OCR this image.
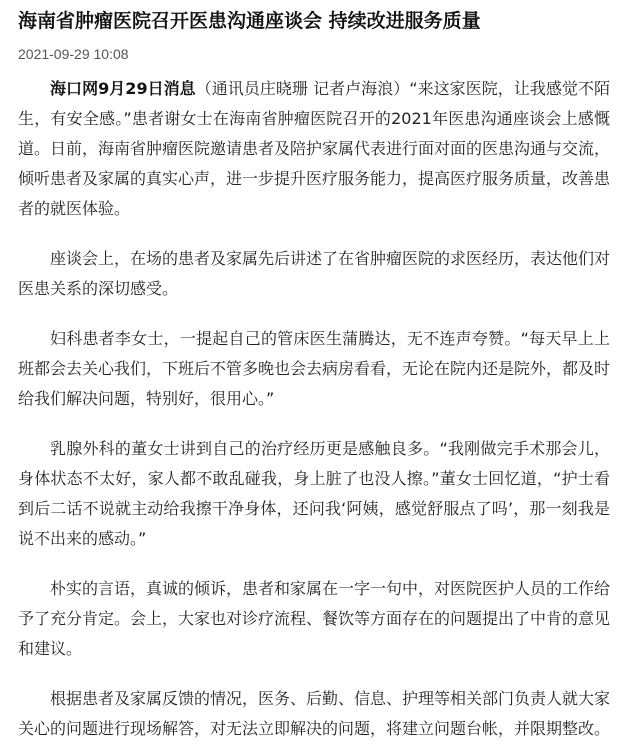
海南省肿瘤医院召开医患沟通座谈会 持续改进服务质量
2021-09-29 10:08

海口网9月29日消息（通讯员庄晓珊 记者卢海浪）“来这家医院，让我感觉不陌生，有安全感。”患者谢女士在海南省肿瘤医院召开的2021年医患沟通座谈会上感慨道。日前，海南省肿瘤医院邀请患者及陪护家属代表进行面对面的医患沟通与交流，倾听患者及家属的真实心声，进一步提升医疗服务能力，提高医疗服务质量，改善患者的就医体验。

座谈会上，在场的患者及家属先后讲述了在省肿瘤医院的求医经历，表达他们对医患关系的深切感受。

妇科患者李女士，一提起自己的管床医生蒲腾达，无不连声夸赞。“每天早上上班都会去关心我们，下班后不管多晚也会去病房看看，无论在院内还是院外，都及时给我们解决问题，特别好，很用心。”

乳腺外科的董女士讲到自己的治疗经历更是感触良多。“我刚做完手术那会儿，身体状态不太好，家人都不敢乱碰我，身上脏了也没人擦。”董女士回忆道，“护士看到后二话不说就主动给我擦干净身体，还问我‘阿姨，感觉舒服点了吗’，那一刻我是说不出来的感动。”

朴实的言语，真诚的倾诉，患者和家属在一字一句中，对医院医护人员的工作给予了充分肯定。会上，大家也对诊疗流程、餐饮等方面存在的问题提出了中肯的意见和建议。

根据患者及家属反馈的情况，医务、后勤、信息、护理等相关部门负责人就大家关心的问题进行现场解答，对无法立即解决的问题，将建立问题台帐，并限期整改。
